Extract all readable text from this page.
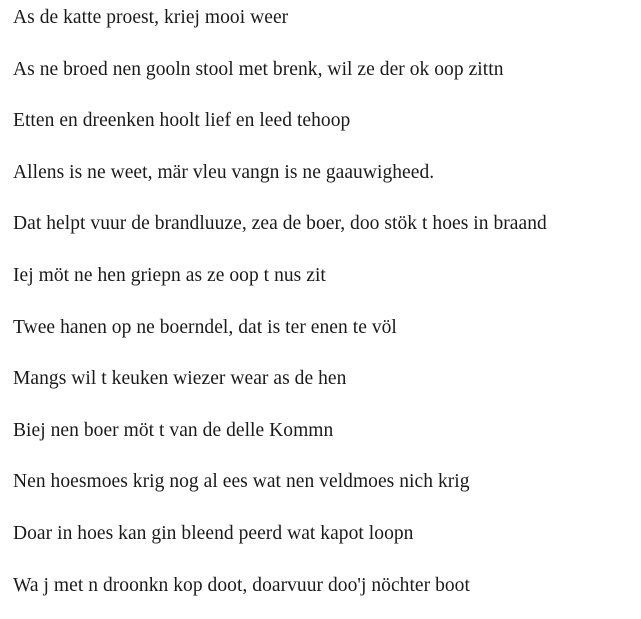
As de katte proest, kriej mooi weer

As ne broed nen gooln stool met brenk, wil ze der ok oop zittn

Etten en dreenken hoolt lief en leed tehoop

Allens is ne weet, mär vleu vangn is ne gaauwigheed.

Dat helpt vuur de brandluuze, zea de boer, doo stök t hoes in braand

Iej möt ne hen griepn as ze oop t nus zit

Twee hanen op ne boerndel, dat is ter enen te völ

Mangs wil t keuken wiezer wear as de hen

Biej nen boer möt t van de delle Kommn

Nen hoesmoes krig nog al ees wat nen veldmoes nich krig

Doar in hoes kan gin bleend peerd wat kapot loopn

Wa j met n droonkn kop doot, doarvuur doo'j nöchter boot
